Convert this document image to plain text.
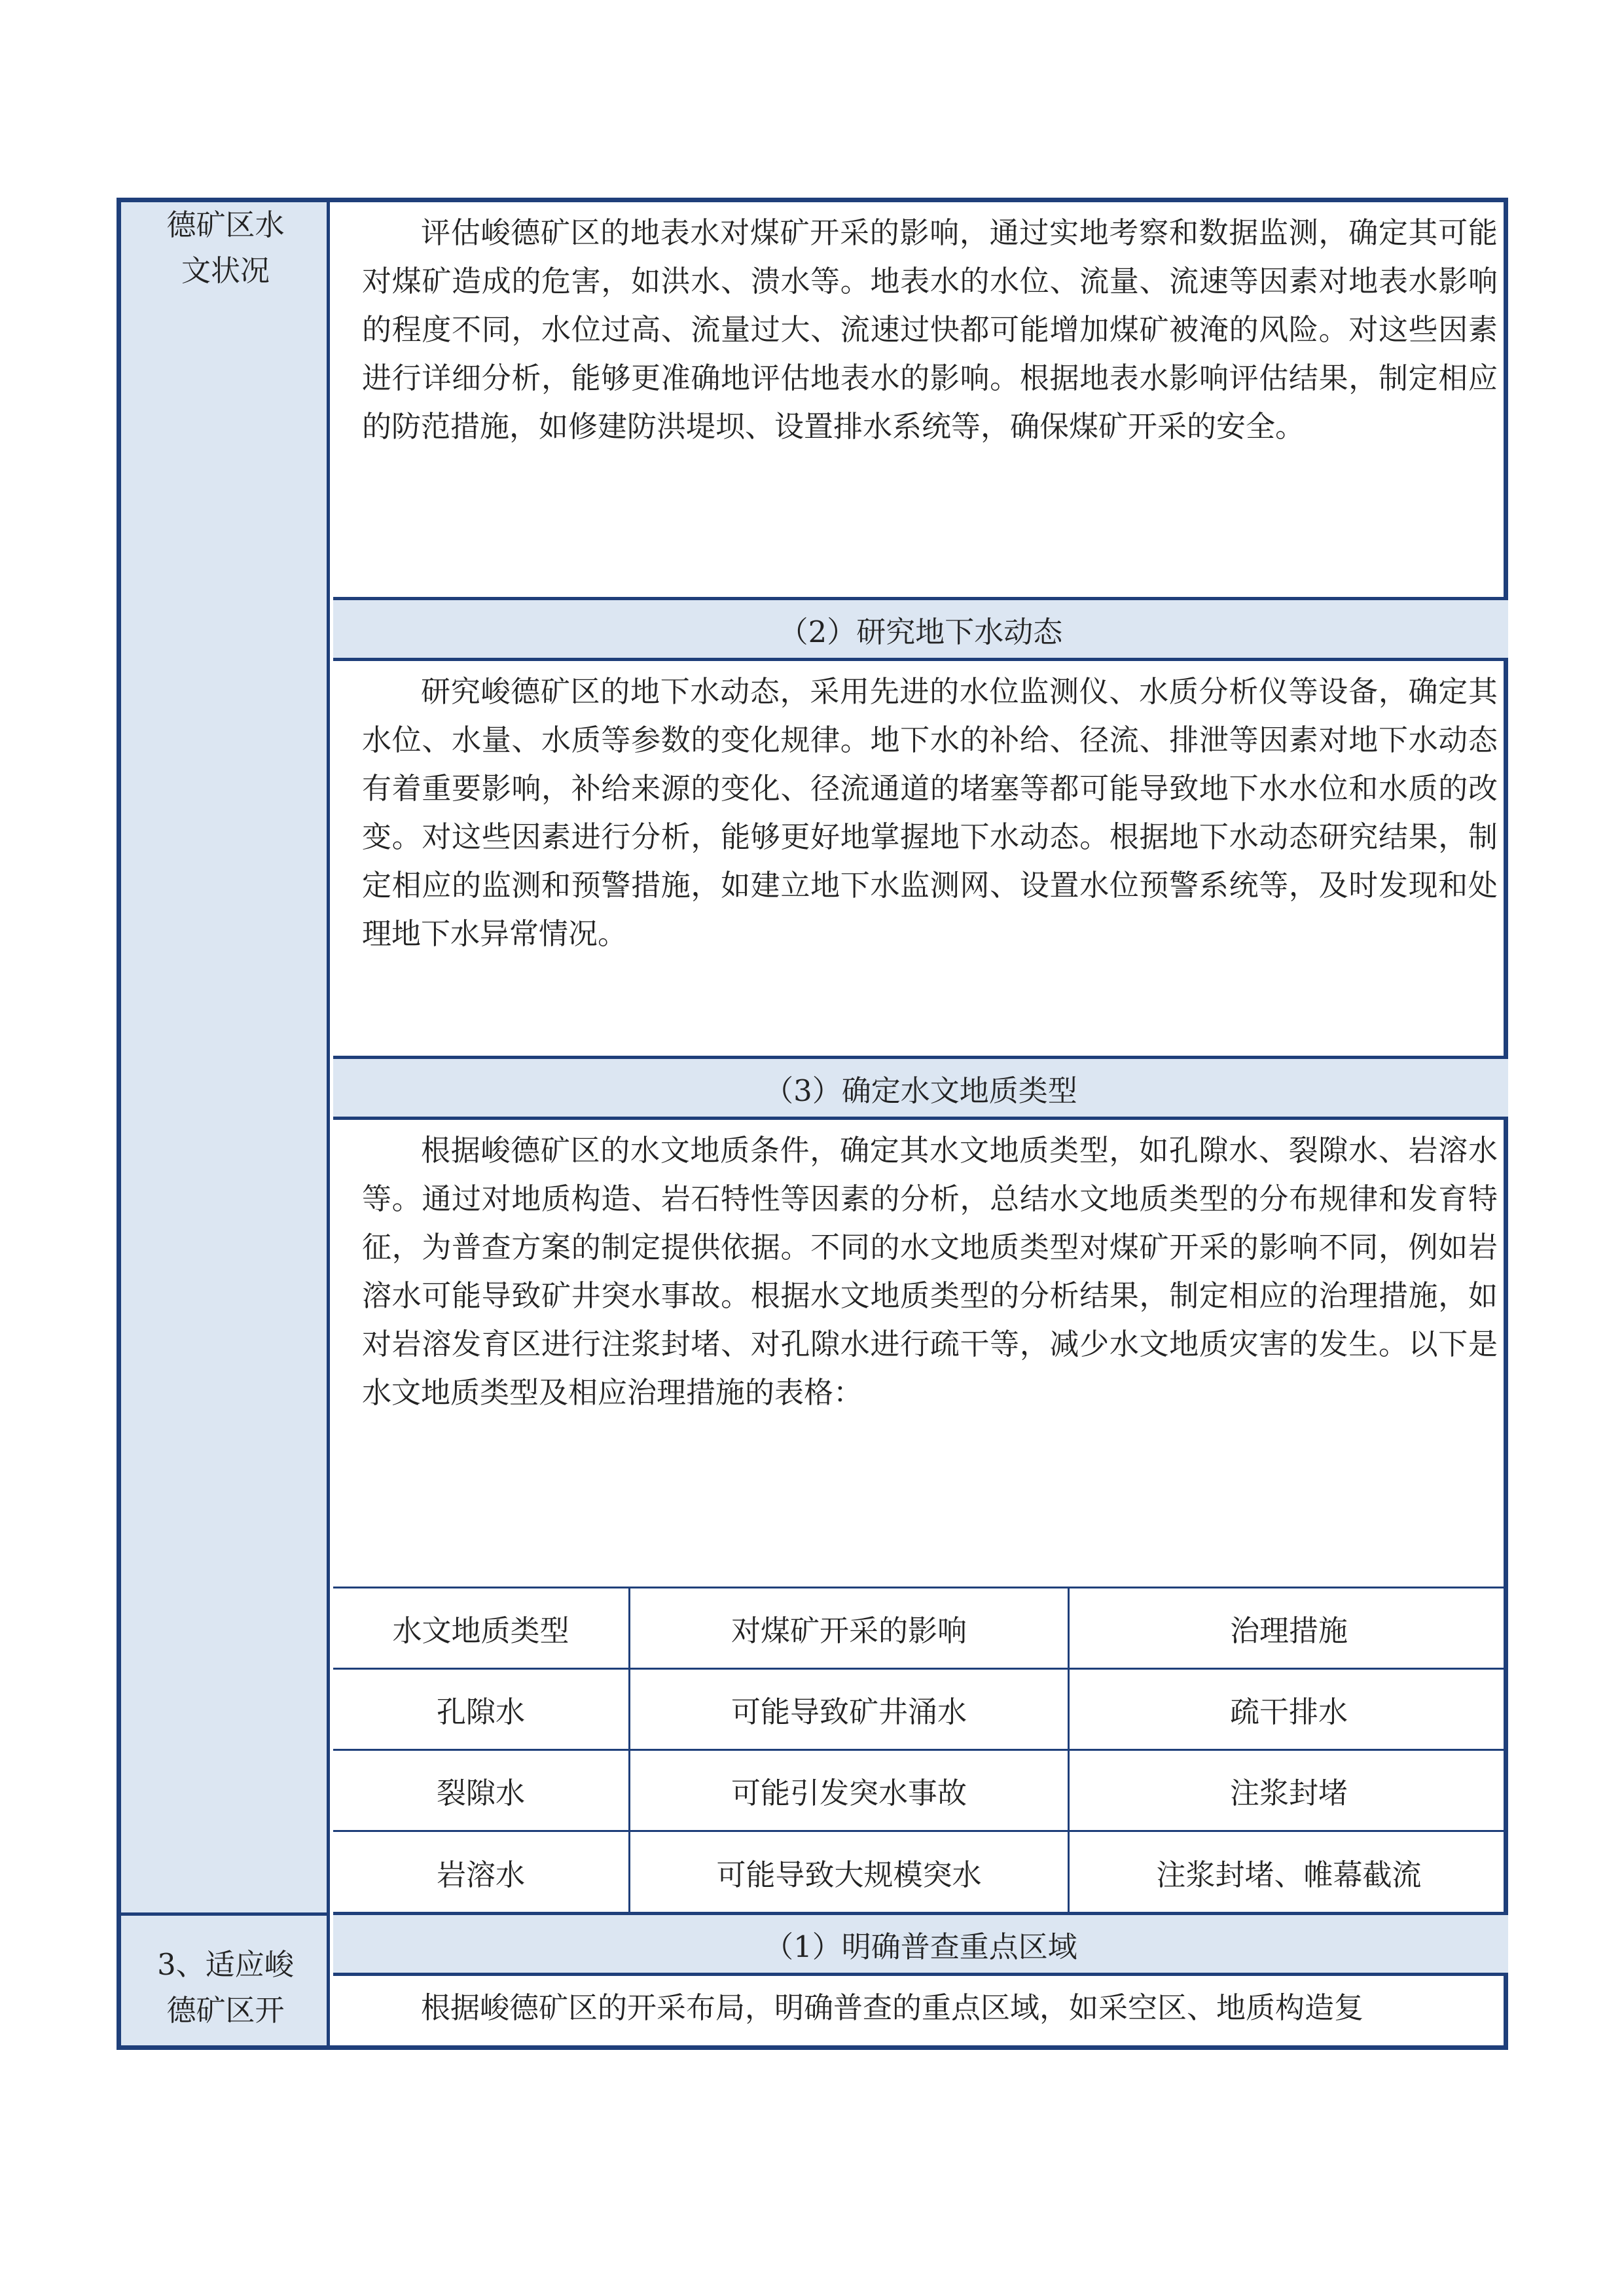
德矿区水
文状况
3、适应峻
德矿区开
评估峻德矿区的地表水对煤矿开采的影响，通过实地考察和数据监测，确定其可能对煤矿造成的危害，如洪水、溃水等。地表水的水位、流量、流速等因素对地表水影响的程度不同，水位过高、流量过大、流速过快都可能增加煤矿被淹的风险。对这些因素进行详细分析，能够更准确地评估地表水的影响。根据地表水影响评估结果，制定相应的防范措施，如修建防洪堤坝、设置排水系统等，确保煤矿开采的安全。
（2）研究地下水动态
研究峻德矿区的地下水动态，采用先进的水位监测仪、水质分析仪等设备，确定其水位、水量、水质等参数的变化规律。地下水的补给、径流、排泄等因素对地下水动态有着重要影响，补给来源的变化、径流通道的堵塞等都可能导致地下水水位和水质的改变。对这些因素进行分析，能够更好地掌握地下水动态。根据地下水动态研究结果，制定相应的监测和预警措施，如建立地下水监测网、设置水位预警系统等，及时发现和处理地下水异常情况。
（3）确定水文地质类型
根据峻德矿区的水文地质条件，确定其水文地质类型，如孔隙水、裂隙水、岩溶水等。通过对地质构造、岩石特性等因素的分析，总结水文地质类型的分布规律和发育特征，为普查方案的制定提供依据。不同的水文地质类型对煤矿开采的影响不同，例如岩溶水可能导致矿井突水事故。根据水文地质类型的分析结果，制定相应的治理措施，如对岩溶发育区进行注浆封堵、对孔隙水进行疏干等，减少水文地质灾害的发生。以下是水文地质类型及相应治理措施的表格：
水文地质类型	对煤矿开采的影响	治理措施
孔隙水	可能导致矿井涌水	疏干排水
裂隙水	可能引发突水事故	注浆封堵
岩溶水	可能导致大规模突水	注浆封堵、帷幕截流
（1）明确普查重点区域
根据峻德矿区的开采布局，明确普查的重点区域，如采空区、地质构造复
